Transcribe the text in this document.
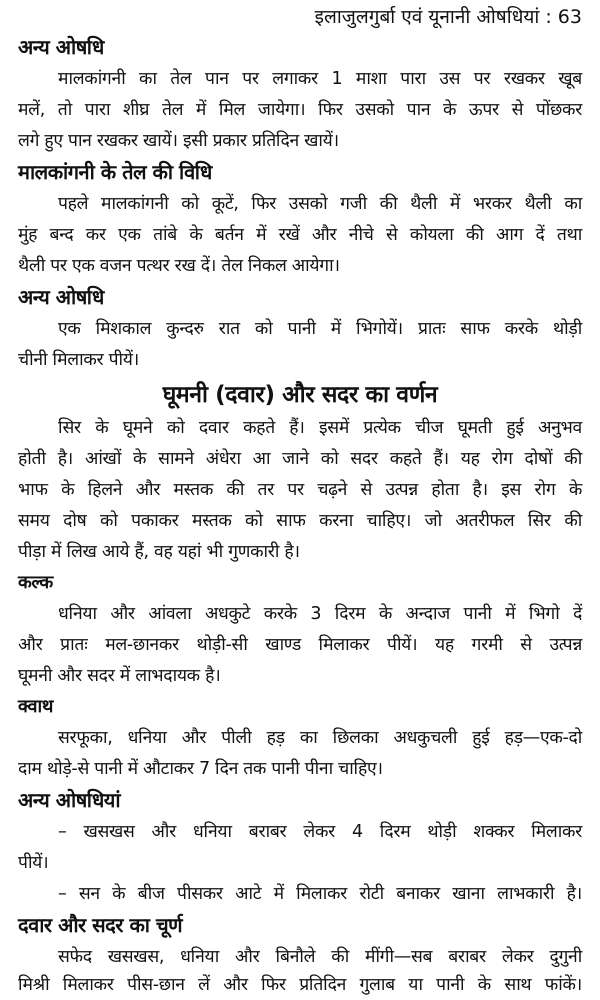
इलाजुलगुर्बा एवं यूनानी ओषधियां : 63
अन्य ओषधि
मालकांगनी का तेल पान पर लगाकर 1 माशा पारा उस पर रखकर खूब
मलें, तो पारा शीघ्र तेल में मिल जायेगा। फिर उसको पान के ऊपर से पोंछकर
लगे हुए पान रखकर खायें। इसी प्रकार प्रतिदिन खायें।
मालकांगनी के तेल की विधि
पहले मालकांगनी को कूटें, फिर उसको गजी की थैली में भरकर थैली का
मुंह बन्द कर एक तांबे के बर्तन में रखें और नीचे से कोयला की आग दें तथा
थैली पर एक वजन पत्थर रख दें। तेल निकल आयेगा।
अन्य ओषधि
एक मिशकाल कुन्दरु रात को पानी में भिगोयें। प्रातः साफ करके थोड़ी
चीनी मिलाकर पीयें।
घूमनी (दवार) और सदर का वर्णन
सिर के घूमने को दवार कहते हैं। इसमें प्रत्येक चीज घूमती हुई अनुभव
होती है। आंखों के सामने अंधेरा आ जाने को सदर कहते हैं। यह रोग दोषों की
भाफ के हिलने और मस्तक की तर पर चढ़ने से उत्पन्न होता है। इस रोग के
समय दोष को पकाकर मस्तक को साफ करना चाहिए। जो अतरीफल सिर की
पीड़ा में लिख आये हैं, वह यहां भी गुणकारी है।
कल्क
धनिया और आंवला अधकुटे करके 3 दिरम के अन्दाज पानी में भिगो दें
और प्रातः मल-छानकर थोड़ी-सी खाण्ड मिलाकर पीयें। यह गरमी से उत्पन्न
घूमनी और सदर में लाभदायक है।
क्वाथ
सरफूका, धनिया और पीली हड़ का छिलका अधकुचली हुई हड़—एक-दो
दाम थोड़े-से पानी में औटाकर 7 दिन तक पानी पीना चाहिए।
अन्य ओषधियां
– खसखस और धनिया बराबर लेकर 4 दिरम थोड़ी शक्कर मिलाकर
पीयें।
– सन के बीज पीसकर आटे में मिलाकर रोटी बनाकर खाना लाभकारी है।
दवार और सदर का चूर्ण
सफेद खसखस, धनिया और बिनौले की मींगी—सब बराबर लेकर दुगुनी
मिश्री मिलाकर पीस-छान लें और फिर प्रतिदिन गुलाब या पानी के साथ फांकें।
